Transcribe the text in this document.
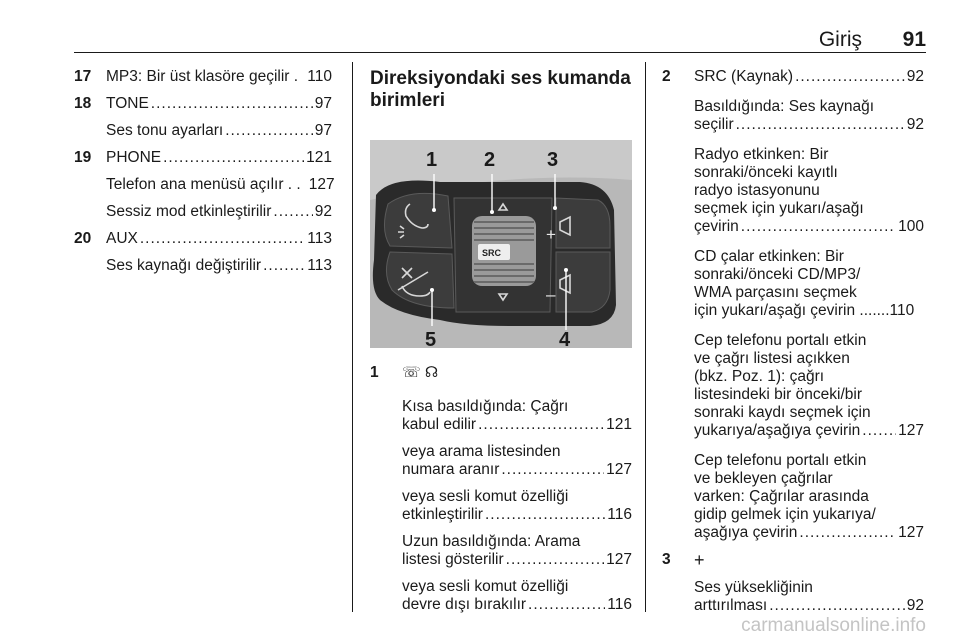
Giriş 91
17 MP3: Bir üst klasöre geçilir . ..... 110
18 TONE .....	97
Ses tonu ayarları .....	97
19 PHONE .....	121
Telefon ana menüsü açılır . . 127
Sessiz mod etkinleştirilir .....	92
20 AUX .....	113
Ses kaynağı değiştirilir .....	113
Direksiyondaki ses kumanda
birimleri
1 2	3
4
5
SRC
+
–
1 ☏ ☊
Kısa basıldığında: Çağrı
kabul edilir .....	121
veya arama listesinden
numara aranır .....	127
veya sesli komut özelliği
etkinleştirilir .....	116
Uzun basıldığında: Arama
listesi gösterilir .....	127
veya sesli komut özelliği
devre dışı bırakılır .....	116
2 SRC (Kaynak) .....	92
Basıldığında: Ses kaynağı
seçilir .....	92
Radyo etkinken: Bir
sonraki/önceki kayıtlı
radyo istasyonunu
seçmek için yukarı/aşağı
çevirin .....	100
CD çalar etkinken: Bir
sonraki/önceki CD/MP3/
WMA parçasını seçmek
için yukarı/aşağı çevirin ....... 110
Cep telefonu portalı etkin
ve çağrı listesi açıkken
(bkz. Poz. 1): çağrı
listesindeki bir önceki/bir
sonraki kaydı seçmek için
yukarıya/aşağıya çevirin ..... 127
Cep telefonu portalı etkin
ve bekleyen çağrılar
varken: Çağrılar arasında
gidip gelmek için yukarıya/
aşağıya çevirin .....	127
3 +
Ses yüksekliğinin
arttırılması .....	92
carmanualsonline.info
